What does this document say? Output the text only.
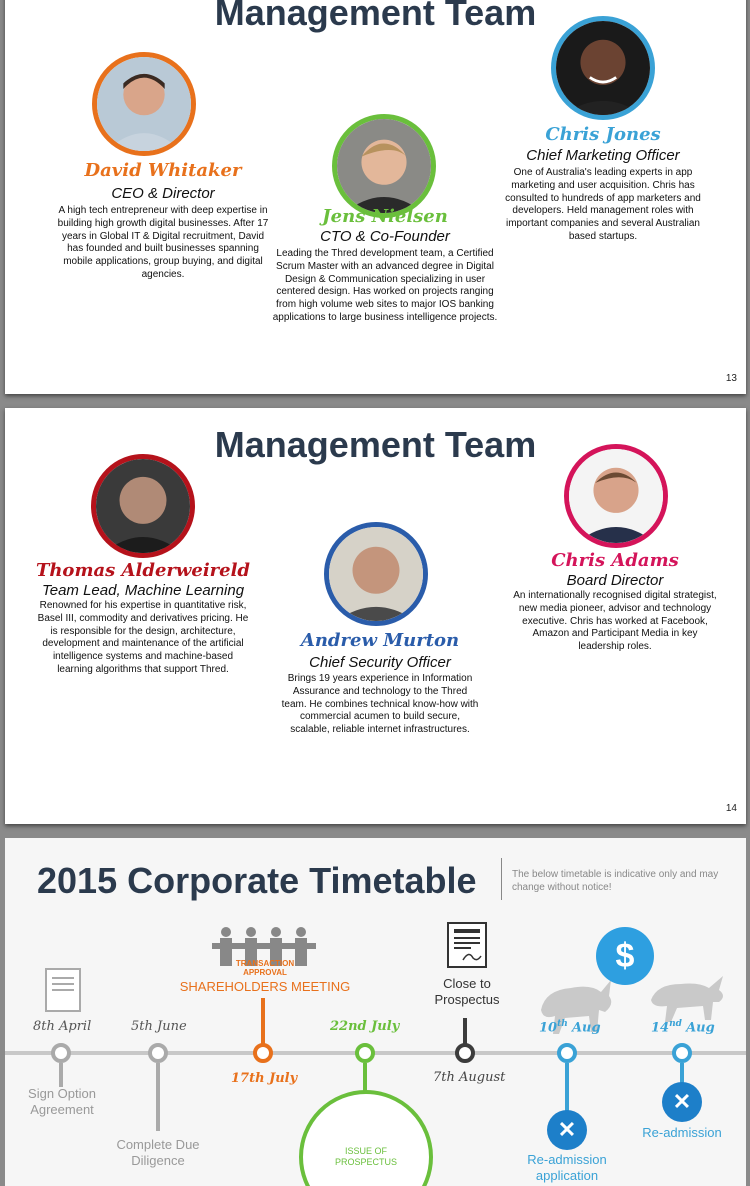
Management Team
David Whitaker
CEO & Director
A high tech entrepreneur with deep expertise in building high growth digital businesses. After 17 years in Global IT & Digital recruitment, David has founded and built businesses spanning mobile applications, group buying, and digital agencies.
Jens Nielsen
CTO & Co-Founder
Leading the Thred development team, a Certified Scrum Master with an advanced degree in Digital Design & Communication specializing in user centered design. Has worked on projects ranging from high volume web sites to major IOS banking applications to large business intelligence projects.
Chris Jones
Chief Marketing Officer
One of Australia's leading experts in app marketing and user acquisition. Chris has consulted to hundreds of app marketers and developers. Held management roles with important companies and several Australian based startups.
13
Management Team
Thomas Alderweireld
Team Lead, Machine Learning
Renowned for his expertise in quantitative risk, Basel III, commodity and derivatives pricing. He is responsible for the design, architecture, development and maintenance of the artificial intelligence systems and machine-based learning algorithms that support Thred.
Andrew Murton
Chief Security Officer
Brings 19 years experience in Information Assurance and technology to the Thred team. He combines technical know-how with commercial acumen to build secure, scalable, reliable internet infrastructures.
Chris Adams
Board Director
An internationally recognised digital strategist, new media pioneer, advisor and technology executive. Chris has worked at Facebook, Amazon and Participant Media in key leadership roles.
14
2015 Corporate Timetable	The below timetable is indicative only and may change without notice!
TRANSACTION APPROVAL
SHAREHOLDERS MEETING	Close to Prospectus
$
8th April
Sign Option Agreement
5th June
Complete Due Diligence
17th July
22nd July
ISSUE OF PROSPECTUS
7th August
10th Aug
✕
Re-admission application
14nd Aug
✕
Re-admission
